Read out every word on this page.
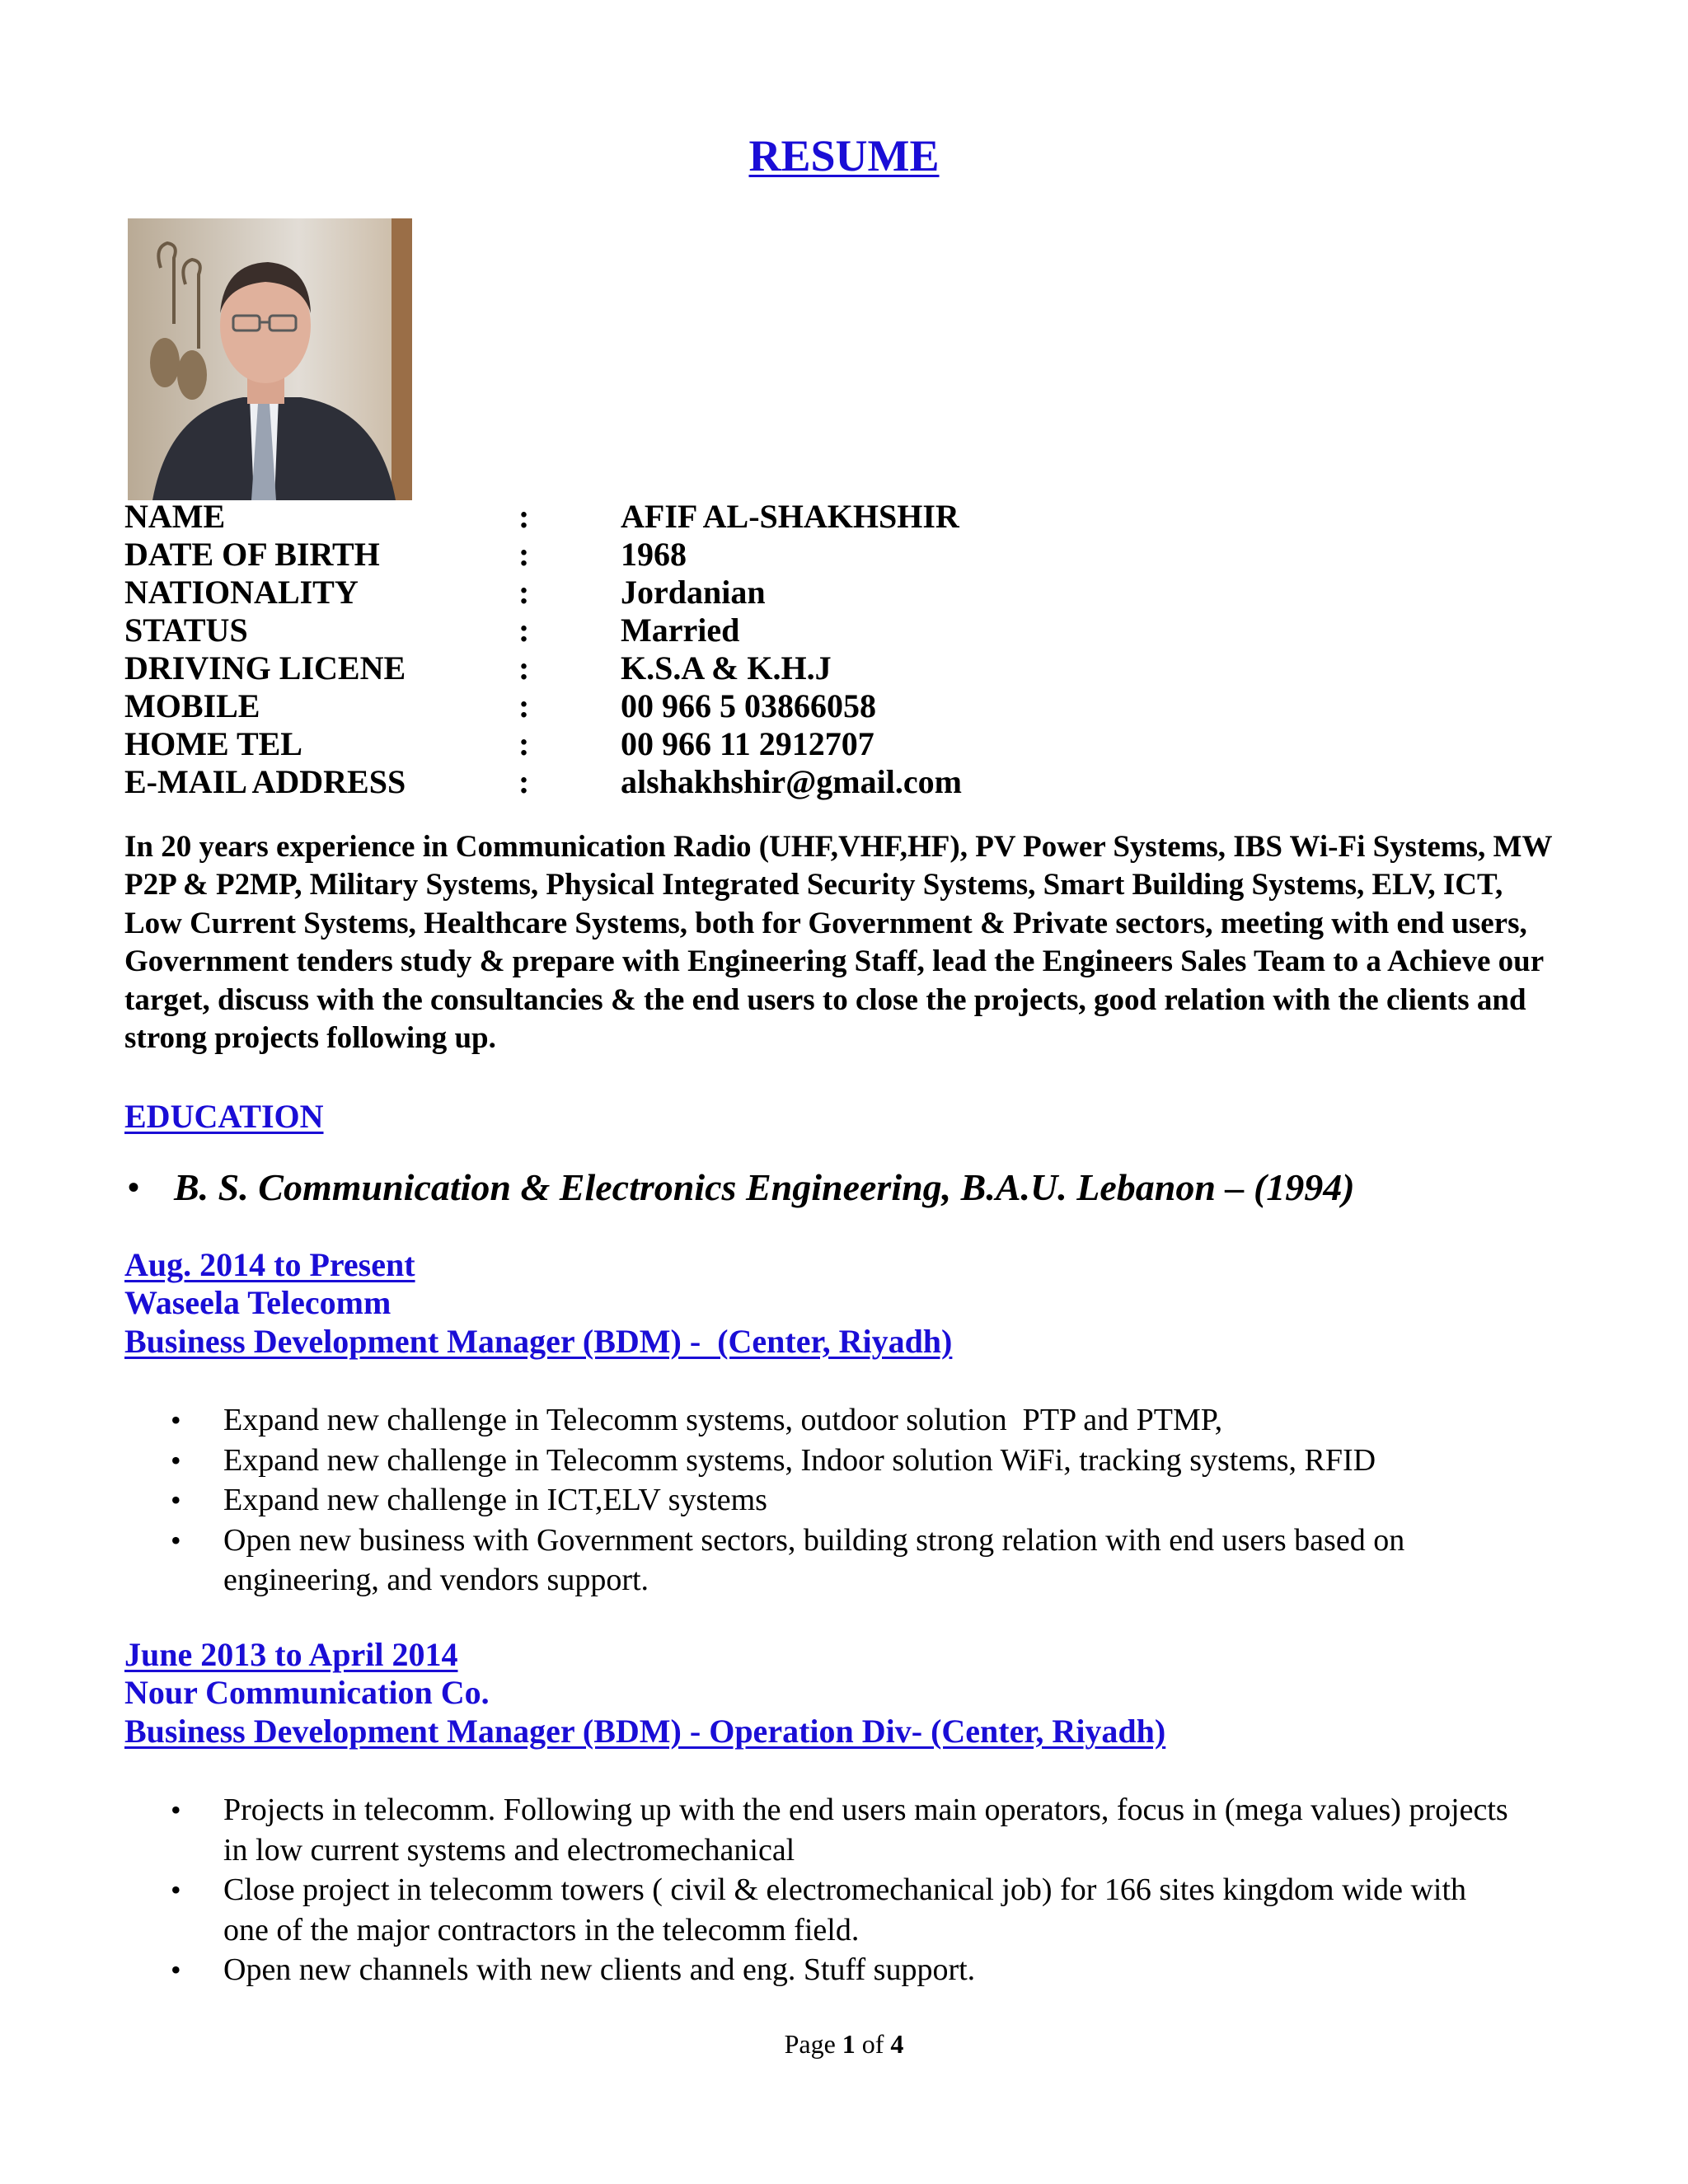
RESUME
NAME	:	AFIF AL-SHAKHSHIR
DATE OF BIRTH	:	1968
NATIONALITY	:	Jordanian
STATUS	:	Married
DRIVING LICENE	:	K.S.A & K.H.J
MOBILE	:	00 966 5 03866058
HOME TEL	:	00 966 11 2912707
E-MAIL ADDRESS	:	alshakhshir@gmail.com
In 20 years experience in Communication Radio (UHF,VHF,HF), PV Power Systems, IBS Wi-Fi Systems, MW P2P & P2MP, Military Systems, Physical Integrated Security Systems, Smart Building Systems, ELV, ICT, Low Current Systems, Healthcare Systems, both for Government & Private sectors, meeting with end users, Government tenders study & prepare with Engineering Staff, lead the Engineers Sales Team to a Achieve our target, discuss with the consultancies & the end users to close the projects, good relation with the clients and strong projects following up.
EDUCATION
• B. S. Communication & Electronics Engineering, B.A.U. Lebanon – (1994)
Aug. 2014 to Present
Waseela Telecomm
Business Development Manager (BDM) -  (Center, Riyadh)
• Expand new challenge in Telecomm systems, outdoor solution  PTP and PTMP,
• Expand new challenge in Telecomm systems, Indoor solution WiFi, tracking systems, RFID
• Expand new challenge in ICT,ELV systems
• Open new business with Government sectors, building strong relation with end users based on engineering, and vendors support.
June 2013 to April 2014
Nour Communication Co.
Business Development Manager (BDM) - Operation Div- (Center, Riyadh)
• Projects in telecomm. Following up with the end users main operators, focus in (mega values) projects in low current systems and electromechanical
• Close project in telecomm towers ( civil & electromechanical job) for 166 sites kingdom wide with one of the major contractors in the telecomm field.
• Open new channels with new clients and eng. Stuff support.
Page 1 of 4
